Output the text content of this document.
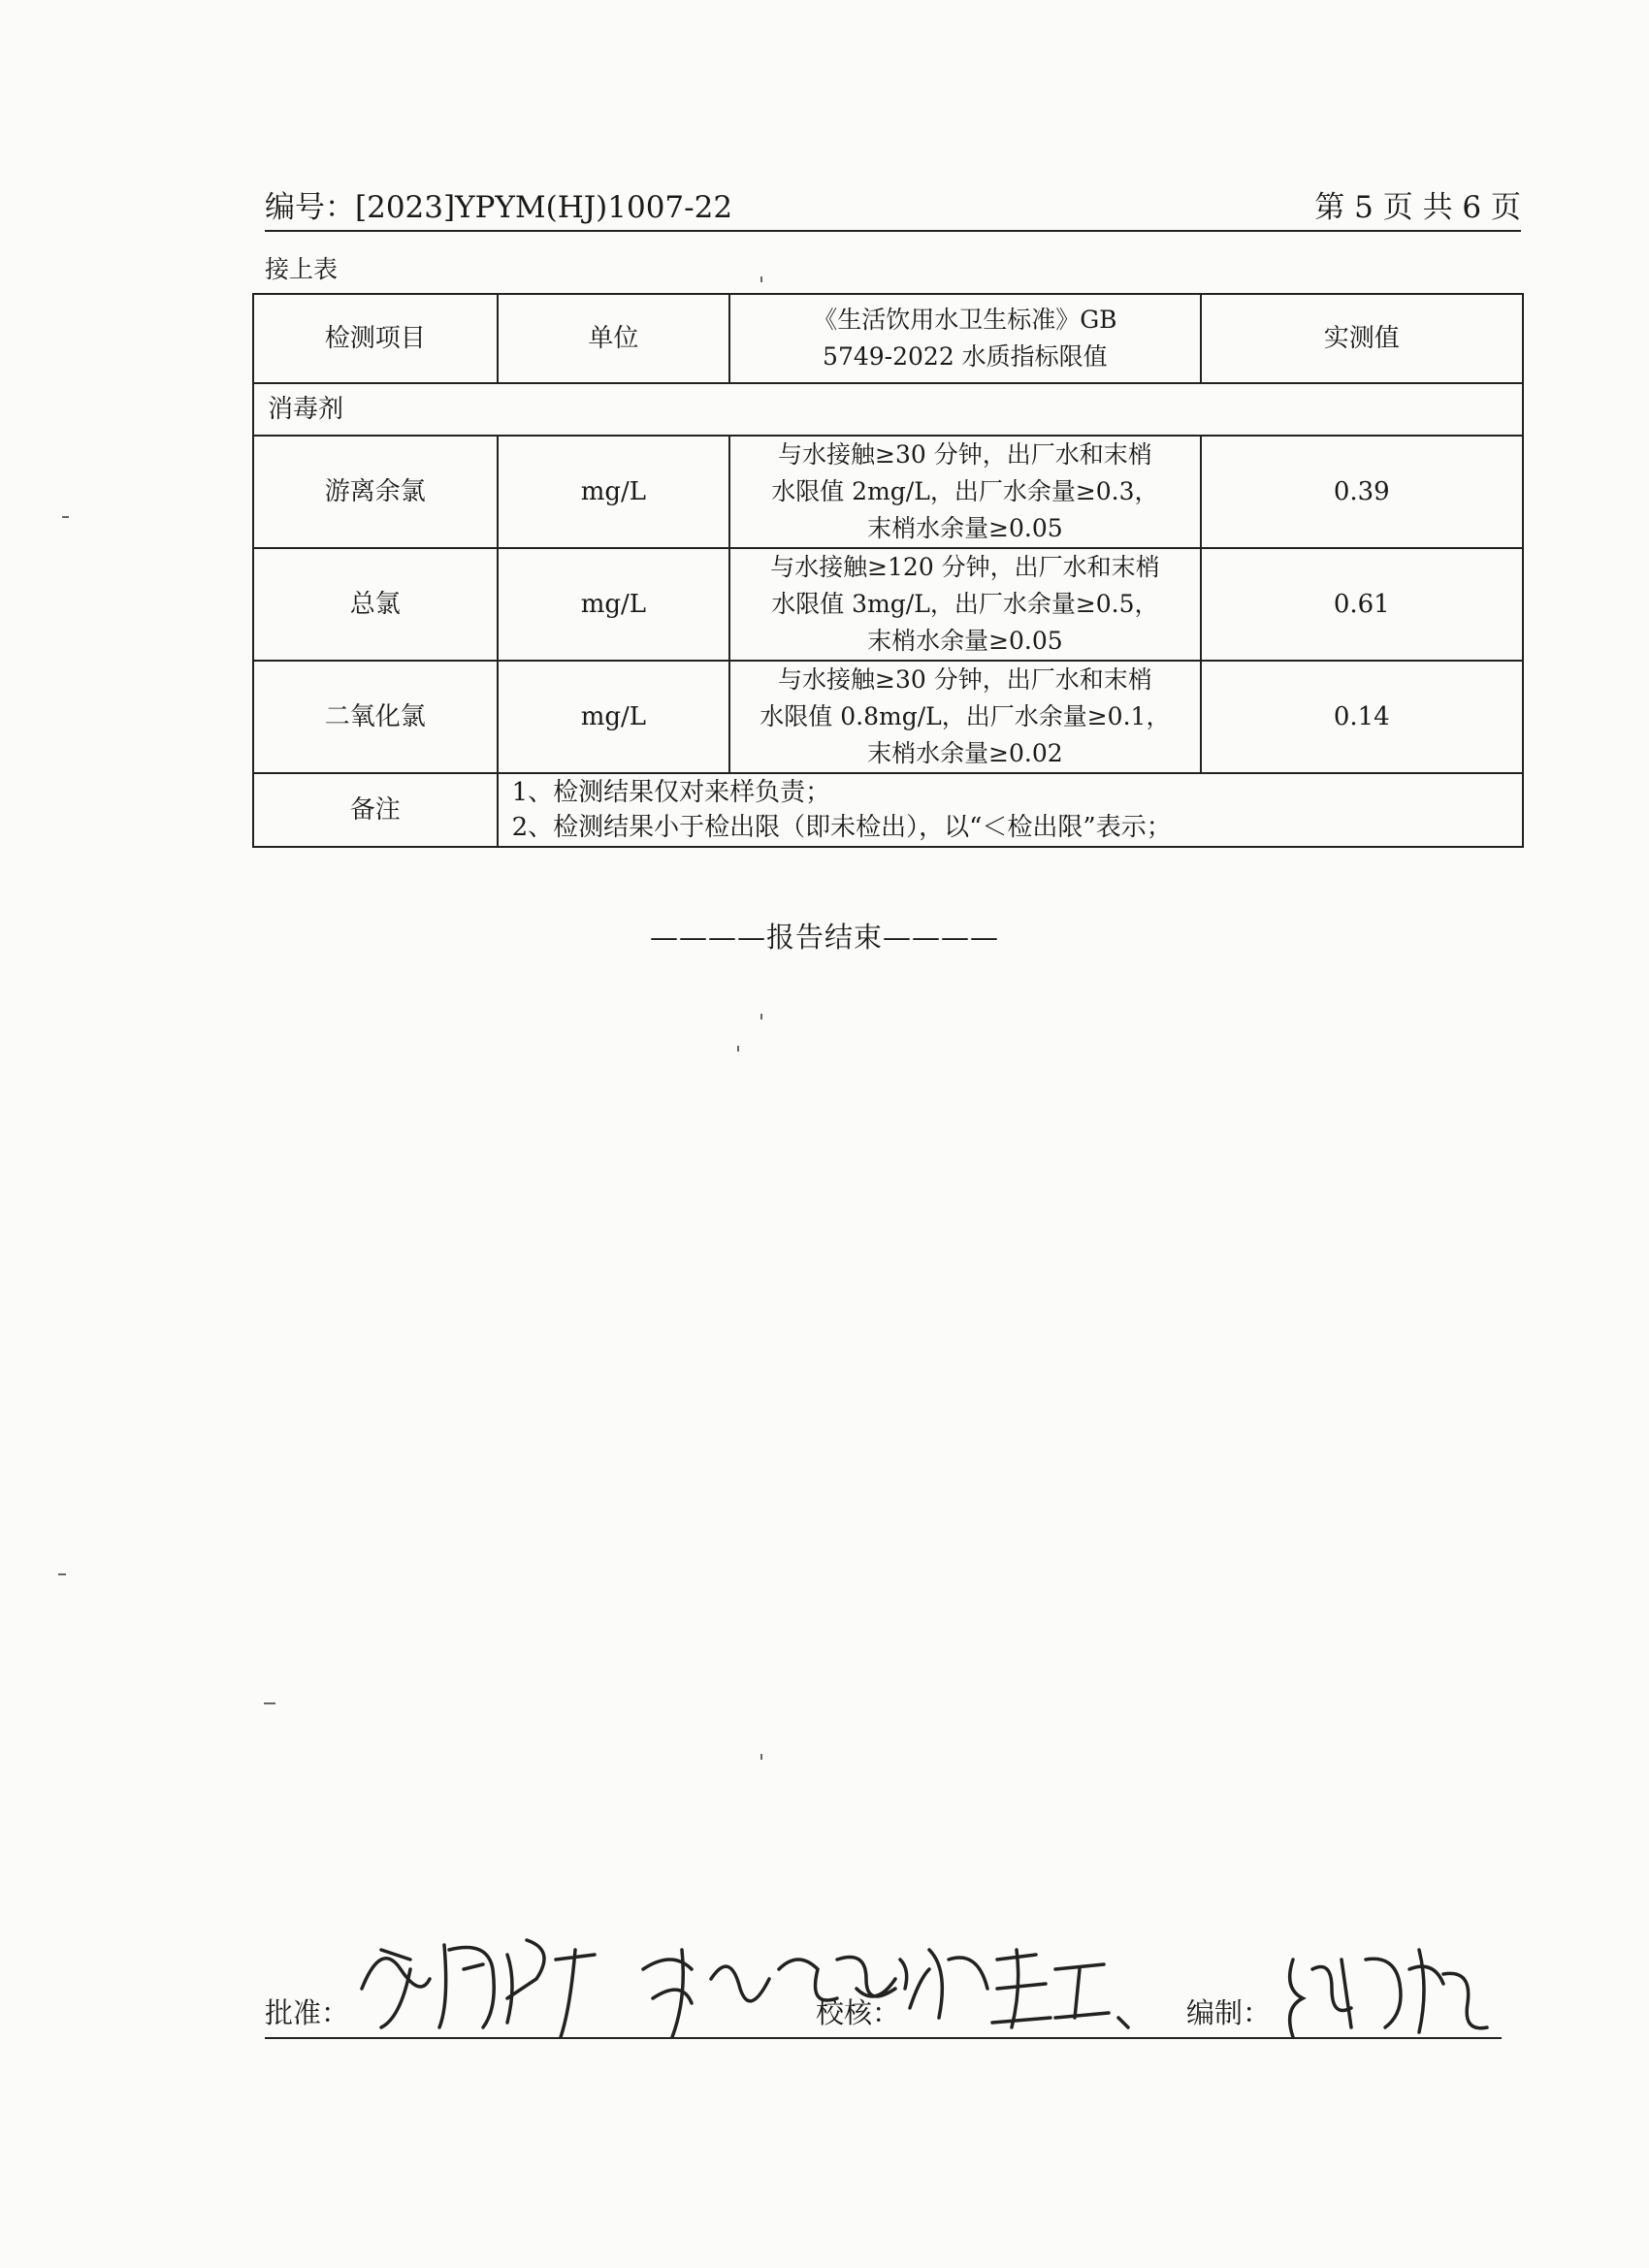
编号：[2023]YPYM(HJ)1007-22	第 5 页 共 6 页
接上表
检测项目	单位	《生活饮用水卫生标准》GB
5749-2022 水质指标限值	实测值
消毒剂			
游离余氯	mg/L	与水接触≥30 分钟，出厂水和末梢
水限值 2mg/L，出厂水余量≥0.3，
末梢水余量≥0.05	0.39
总氯	mg/L	与水接触≥120 分钟，出厂水和末梢
水限值 3mg/L，出厂水余量≥0.5，
末梢水余量≥0.05	0.61
二氧化氯	mg/L	与水接触≥30 分钟，出厂水和末梢
水限值 0.8mg/L，出厂水余量≥0.1，
末梢水余量≥0.02	0.14
备注	1、检测结果仅对来样负责；
2、检测结果小于检出限（即未检出），以“＜检出限”表示；		
————报告结束————
批准：	校核：	编制：
